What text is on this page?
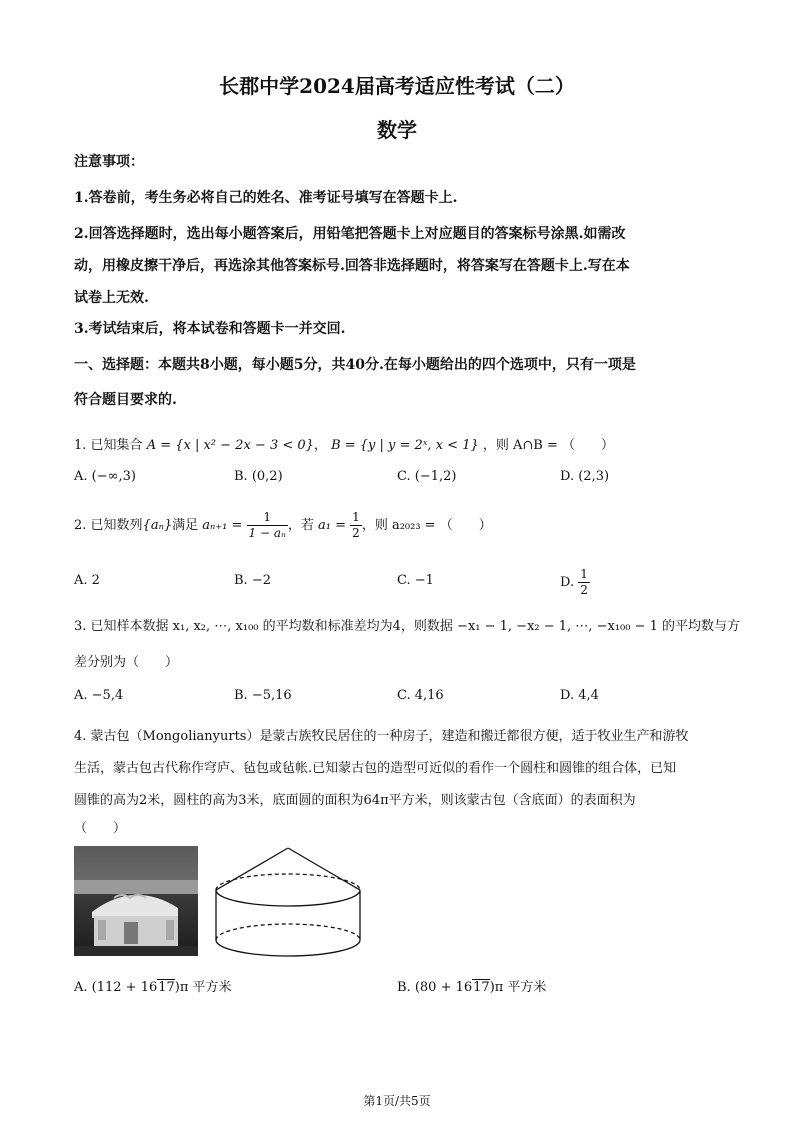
长郡中学2024届高考适应性考试（二）
数学
注意事项：
1.答卷前，考生务必将自己的姓名、准考证号填写在答题卡上.
2.回答选择题时，选出每小题答案后，用铅笔把答题卡上对应题目的答案标号涂黑.如需改
动，用橡皮擦干净后，再选涂其他答案标号.回答非选择题时，将答案写在答题卡上.写在本
试卷上无效.
3.考试结束后，将本试卷和答题卡一并交回.
一、选择题：本题共8小题，每小题5分，共40分.在每小题给出的四个选项中，只有一项是
符合题目要求的.
1. 已知集合 A = {x | x² − 2x − 3 < 0}， B = {y | y = 2ˣ, x < 1} ，则 A∩B = （　　）
A. (−∞,3)	B. (0,2)	C. (−1,2)	D. (2,3)
2. 已知数列{aₙ}满足 $a_{n+1} = \frac{1}{\text{1 − aₙ}}$ ，若 $a_1 = \frac{1}{2}$ ，则 a₂₀₂₃ = （　　）
A. 2	B. −2	C. −1	D. $\frac{1}{2}$
3. 已知样本数据 x₁, x₂, ⋯, x₁₀₀ 的平均数和标准差均为4，则数据 −x₁ − 1, −x₂ − 1, ⋯, −x₁₀₀ − 1 的平均数与方
差分别为（　　）
A. −5,4	B. −5,16	C. 4,16	D. 4,4
4. 蒙古包（Mongolianyurts）是蒙古族牧民居住的一种房子，建造和搬迁都很方便，适于牧业生产和游牧
生活，蒙古包古代称作穹庐、毡包或毡帐.已知蒙古包的造型可近似的看作一个圆柱和圆锥的组合体，已知
圆锥的高为2米，圆柱的高为3米，底面圆的面积为64π平方米，则该蒙古包（含底面）的表面积为
（　　）
A. (112 + 1617)π 平方米	B. (80 + 1617)π 平方米
第1页/共5页
